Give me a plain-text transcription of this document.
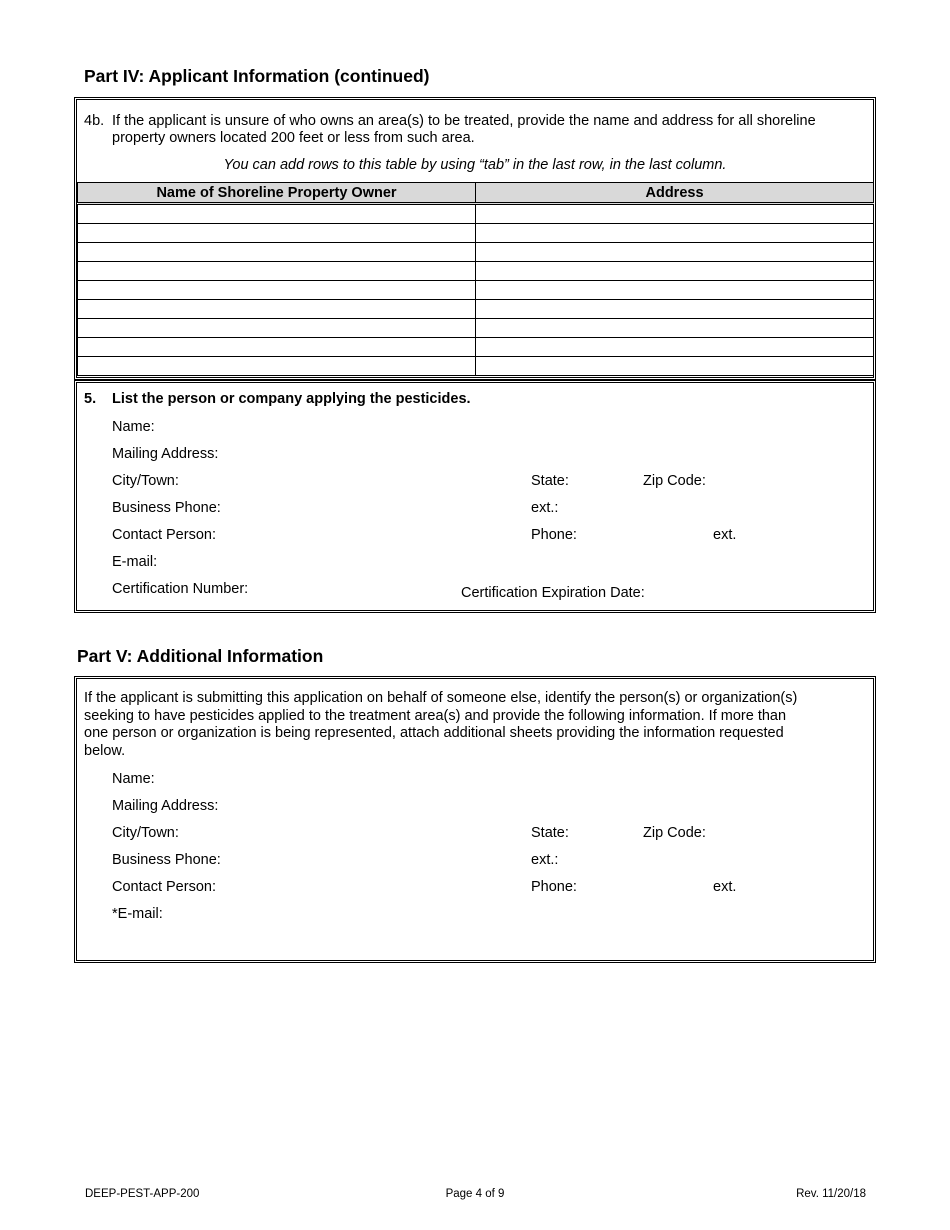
Part IV: Applicant Information (continued)
4b. If the applicant is unsure of who owns an area(s) to be treated, provide the name and address for all shoreline
property owners located 200 feet or less from such area.
You can add rows to this table by using “tab” in the last row, in the last column.
Name of Shoreline Property Owner	Address

5. List the person or company applying the pesticides.
Name:
Mailing Address:
City/Town:	State:	Zip Code:
Business Phone:	ext.:
Contact Person:	Phone:	ext.
E-mail:
Certification Number:	Certification Expiration Date:
Part V: Additional Information
If the applicant is submitting this application on behalf of someone else, identify the person(s) or organization(s)
seeking to have pesticides applied to the treatment area(s) and provide the following information. If more than
one person or organization is being represented, attach additional sheets providing the information requested
below.
Name:
Mailing Address:
City/Town:	State:	Zip Code:
Business Phone:	ext.:
Contact Person:	Phone:	ext.
*E-mail:
DEEP-PEST-APP-200	Page 4 of 9	Rev. 11/20/18
